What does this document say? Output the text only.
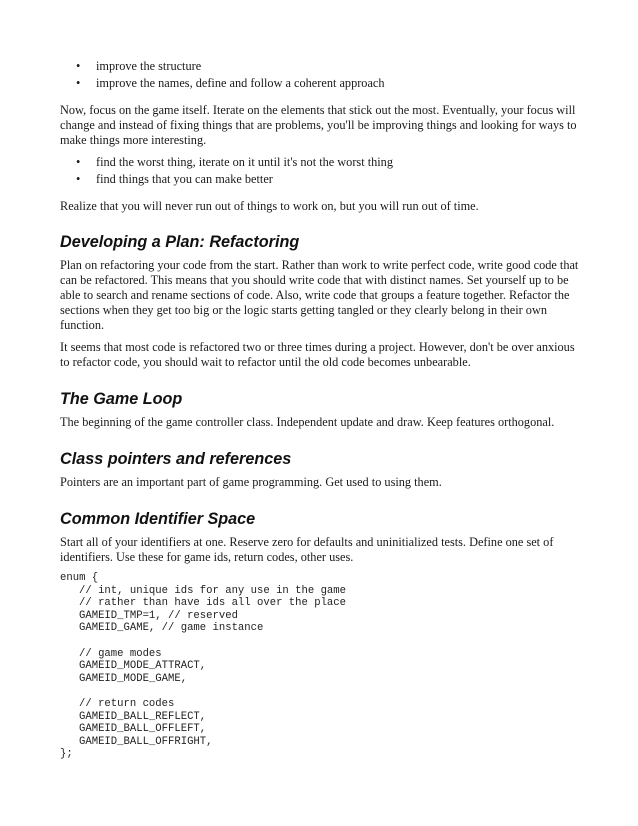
• improve the structure
• improve the names, define and follow a coherent approach

Now, focus on the game itself. Iterate on the elements that stick out the most. Eventually, your focus will change and instead of fixing things that are problems, you'll be improving things and looking for ways to make things more interesting.

• find the worst thing, iterate on it until it's not the worst thing
• find things that you can make better

Realize that you will never run out of things to work on, but you will run out of time.

Developing a Plan: Refactoring

Plan on refactoring your code from the start. Rather than work to write perfect code, write good code that can be refactored. This means that you should write code that with distinct names. Set yourself up to be able to search and rename sections of code. Also, write code that groups a feature together. Refactor the sections when they get too big or the logic starts getting tangled or they clearly belong in their own function.

It seems that most code is refactored two or three times during a project. However, don't be over anxious to refactor code, you should wait to refactor until the old code becomes unbearable.

The Game Loop

The beginning of the game controller class. Independent update and draw. Keep features orthogonal.

Class pointers and references

Pointers are an important part of game programming. Get used to using them.

Common Identifier Space

Start all of your identifiers at one. Reserve zero for defaults and uninitialized tests. Define one set of identifiers. Use these for game ids, return codes, other uses.

enum {
// int, unique ids for any use in the game
// rather than have ids all over the place
GAMEID_TMP=1, // reserved
GAMEID_GAME, // game instance
// game modes
GAMEID_MODE_ATTRACT,
GAMEID_MODE_GAME,
// return codes
GAMEID_BALL_REFLECT,
GAMEID_BALL_OFFLEFT,
GAMEID_BALL_OFFRIGHT,
};
